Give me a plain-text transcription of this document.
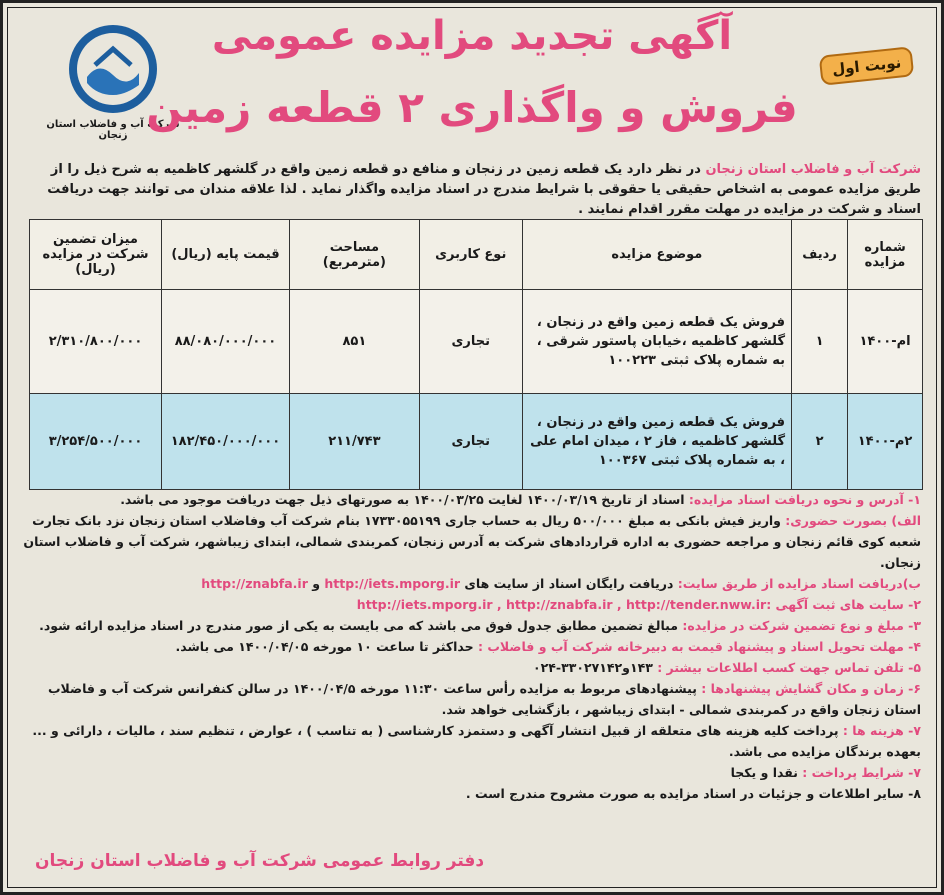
شرکت آب و فاضلاب استان زنجان
نوبت اول
آگهی تجدید مزایده عمومی
فروش و واگذاری ۲ قطعه زمین
شرکت آب و فاضلاب استان زنجان در نظر دارد یک قطعه زمین در زنجان و منافع دو قطعه زمین واقع در گلشهر کاظمیه به شرح ذیل را از طریق مزایده عمومی به اشخاص حقیقی یا حقوقی با شرایط مندرج در اسناد مزایده واگذار نماید . لذا علاقه مندان می توانند جهت دریافت اسناد و شرکت در مزایده در مهلت مقرر اقدام نمایند .
شماره مزایده	ردیف	موضوع مزایده	نوع کاربری	مساحت (مترمربع)	قیمت پایه (ریال)	میزان تضمین شرکت در مزایده (ریال)
ام-۱۴۰۰	۱	فروش یک قطعه زمین واقع در زنجان ، گلشهر کاظمیه ،خیابان پاستور شرقی ، به شماره پلاک ثبتی ۱۰۰۲۲۳	تجاری	۸۵۱	۸۸/۰۸۰/۰۰۰/۰۰۰	۲/۳۱۰/۸۰۰/۰۰۰
۲م-۱۴۰۰	۲	فروش یک قطعه زمین واقع در زنجان ، گلشهر کاظمیه ، فاز ۲ ، میدان امام علی ، به شماره پلاک ثبتی ۱۰۰۳۶۷	تجاری	۲۱۱/۷۴۳	۱۸۲/۴۵۰/۰۰۰/۰۰۰	۳/۲۵۴/۵۰۰/۰۰۰

۱- آدرس و نحوه دریافت اسناد مزایده: اسناد از تاریخ ۱۴۰۰/۰۳/۱۹ لغایت ۱۴۰۰/۰۳/۲۵ به صورتهای ذیل جهت دریافت موجود می باشد.

الف) بصورت حضوری: واریز فیش بانکی به مبلغ ۵۰۰/۰۰۰ ریال به حساب جاری ۱۷۳۳۰۵۵۱۹۹ بنام شرکت آب وفاضلاب استان زنجان نزد بانک تجارت شعبه کوی قائم زنجان و مراجعه حضوری به اداره قراردادهای شرکت به آدرس زنجان، کمربندی شمالی، ابتدای زیباشهر، شرکت آب و فاضلاب استان زنجان.

ب)دریافت اسناد مزایده از طریق سایت: دریافت رایگان اسناد از سایت های http://iets.mporg.ir و http://znabfa.ir

۲- سایت های ثبت آگهی : http://iets.mporg.ir , http://znabfa.ir , http://tender.nww.ir

۳- مبلغ و نوع تضمین شرکت در مزایده: مبالغ تضمین مطابق جدول فوق می باشد که می بایست به یکی از صور مندرج در اسناد مزایده ارائه شود.

۴- مهلت تحویل اسناد و پیشنهاد قیمت به دبیرخانه شرکت آب و فاضلاب : حداکثر تا ساعت ۱۰ مورخه ۱۴۰۰/۰۴/۰۵ می باشد.

۵- تلفن تماس جهت کسب اطلاعات بیشتر : ۱۴۳و۳۳۰۲۷۱۴۲-۰۲۴

۶- زمان و مکان گشایش پیشنهادها : پیشنهادهای مربوط به مزایده رأس ساعت ۱۱:۳۰ مورخه ۱۴۰۰/۰۴/۵ در سالن کنفرانس شرکت آب و فاضلاب استان زنجان واقع در کمربندی شمالی - ابتدای زیباشهر ، بازگشایی خواهد شد.

۷- هزینه ها : پرداخت کلیه هزینه های متعلقه از قبیل انتشار آگهی و دستمزد کارشناسی ( به تناسب ) ، عوارض ، تنظیم سند ، مالیات ، دارائی و ... بعهده برندگان مزایده می باشد.

۷- شرایط پرداخت : نقدا و یکجا

۸- سایر اطلاعات و جزئیات در اسناد مزایده به صورت مشروح مندرج است .

دفتر روابط عمومی شرکت آب و فاضلاب استان زنجان
